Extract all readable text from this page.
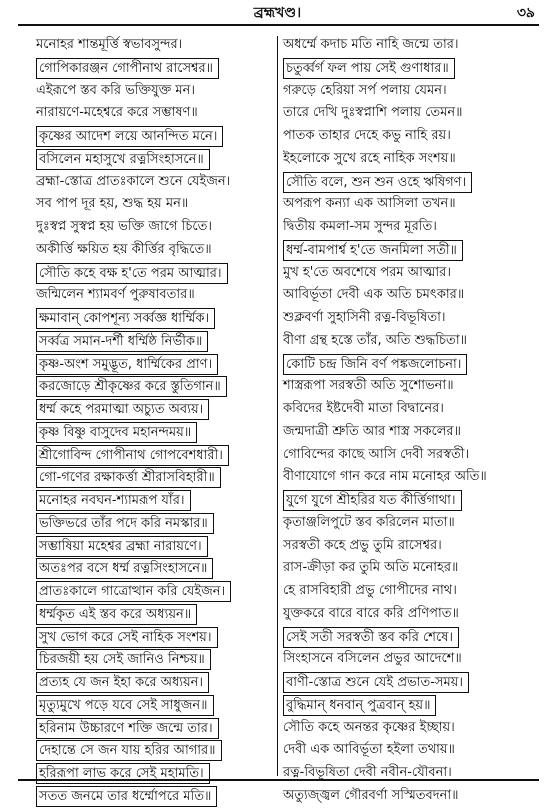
ব্রহ্মখণ্ড।	৩৯
মনোহর শান্তমূর্ত্তি স্বভাবসুন্দর।
গোপিকারঞ্জন গোপীনাথ রাসেশ্বর॥
এইরূপে স্তব করি ভক্তিযুক্ত মন।
নারায়ণে-মহেশ্বরে করে সম্ভাষণ॥
কৃষ্ণের আদেশ লয়ে আনন্দিত মনে।
বসিলেন মহাসুখে রত্নসিংহাসনে॥
ব্রহ্মা-স্তোত্র প্রাতঃকালে শুনে যেইজন।
সব পাপ দূর হয়, শুদ্ধ হয় মন॥
দুঃস্বপ্ন সুস্বপ্ন হয় ভক্তি জাগে চিতে।
অকীর্ত্তি ক্ষয়িত হয় কীর্ত্তির বৃদ্ধিতে॥
সৌতি কহে বক্ষ হ'তে পরম আত্মার।
জন্মিলেন শ্যামবর্ণ পুরুষাবতার॥
ক্ষমাবান্ কোপশূন্য সর্ব্বজ্ঞ ধার্ম্মিক।
সর্ব্বত্র সমান-দর্শী ধর্ম্মিষ্ঠ নির্ভীক॥
কৃষ্ণ-অংশ সমুদ্ভূত, ধার্ম্মিকের প্রাণ।
করজোড়ে শ্রীকৃষ্ণের করে স্তুতিগান॥
ধর্ম্ম কহে পরমাত্মা অচ্যুত অব্যয়।
কৃষ্ণ বিষ্ণু বাসুদেব মহানন্দময়॥
শ্রীগোবিন্দ গোপীনাথ গোপবেশধারী।
গো-গণের রক্ষাকর্ত্তা শ্রীরাসবিহারী॥
মনোহর নবঘন-শ্যামরূপ যাঁর।
ভক্তিভরে তাঁর পদে করি নমস্কার॥
সম্ভাষিয়া মহেশ্বর ব্রহ্মা নারায়ণে।
অতঃপর বসে ধর্ম্ম রত্নসিংহাসনে॥
প্রাতঃকালে গাত্রোত্থান করি যেইজন।
ধর্ম্মকৃত এই স্তব করে অধ্যয়ন॥
সুখ ভোগ করে সেই নাহিক সংশয়।
চিরজয়ী হয় সেই জানিও নিশ্চয়॥
প্রত্যহ যে জন ইহা করে অধ্যয়ন।
মৃত্যুমুখে পড়ে যবে সেই সাধুজন॥
হরিনাম উচ্চারণে শক্তি জন্মে তার।
দেহান্তে সে জন যায় হরির আগার॥
হরিরূপা লাভ করে সেই মহামতি।
সতত জনমে তার ধর্ম্মোপরে মতি॥
অধর্ম্মে কদাচ মতি নাহি জন্মে তার।
চতুর্ব্বর্গ ফল পায় সেই গুণাধার॥
গরুড়ে হেরিয়া সর্প পলায় যেমন।
তারে দেখি দুঃস্বপ্নাশি পলায় তেমন॥
পাতক তাহার দেহে কভু নাহি রয়।
ইহলোকে সুখে রহে নাহিক সংশয়॥
সৌতি বলে, শুন শুন ওহে ঋষিগণ।
অপরূপ কন্যা এক আসিলা তখন॥
দ্বিতীয় কমলা-সম সুন্দর মূরতি।
ধর্ম্ম-বামপার্শ্ব হ'তে জনমিলা সতী॥
মুখ হ'তে অবশেষে পরম আত্মার।
আবির্ভূতা দেবী এক অতি চমৎকার॥
শুক্লবর্ণা সুহাসিনী রত্ন-বিভূষিতা।
বীণা গ্রন্থ হস্তে তাঁর, অতি শুদ্ধচিতা॥
কোটি চন্দ্র জিনি বর্ণ পঙ্কজলোচনা।
শাস্ত্ররূপা সরস্বতী অতি সুশোভনা॥
কবিদের ইষ্টদেবী মাতা বিদ্বানের।
জন্মদাত্রী শ্রুতি আর শাস্ত্র সকলের॥
গোবিন্দের কাছে আসি দেবী সরস্বতী।
বীণাযোগে গান করে নাম মনোহর অতি॥
যুগে যুগে শ্রীহরির যত কীর্ত্তিগাথা।
কৃতাঞ্জলিপুটে স্তব করিলেন মাতা॥
সরস্বতী কহে প্রভু তুমি রাসেশ্বর।
রাস-ক্রীড়া কর তুমি অতি মনোহর॥
হে রাসবিহারী প্রভু গোপীদের নাথ।
যুক্তকরে বারে বারে করি প্রণিপাত॥
সেই সতী সরস্বতী স্তব করি শেষে।
সিংহাসনে বসিলেন প্রভুর আদেশে॥
বাণী-স্তোত্র শুনে যেই প্রভাত-সময়।
বুদ্ধিমান্ ধনবান্ পুত্রবান্ হয়॥
সৌতি কহে অনন্তর কৃষ্ণের ইচ্ছায়।
দেবী এক আবির্ভূতা হইলা তথায়॥
রত্ন-বিভূষিতা দেবী নবীন-যৌবনা।
অত্যুজ্জ্বল গৌরবর্ণা সস্মিতবদনা॥
